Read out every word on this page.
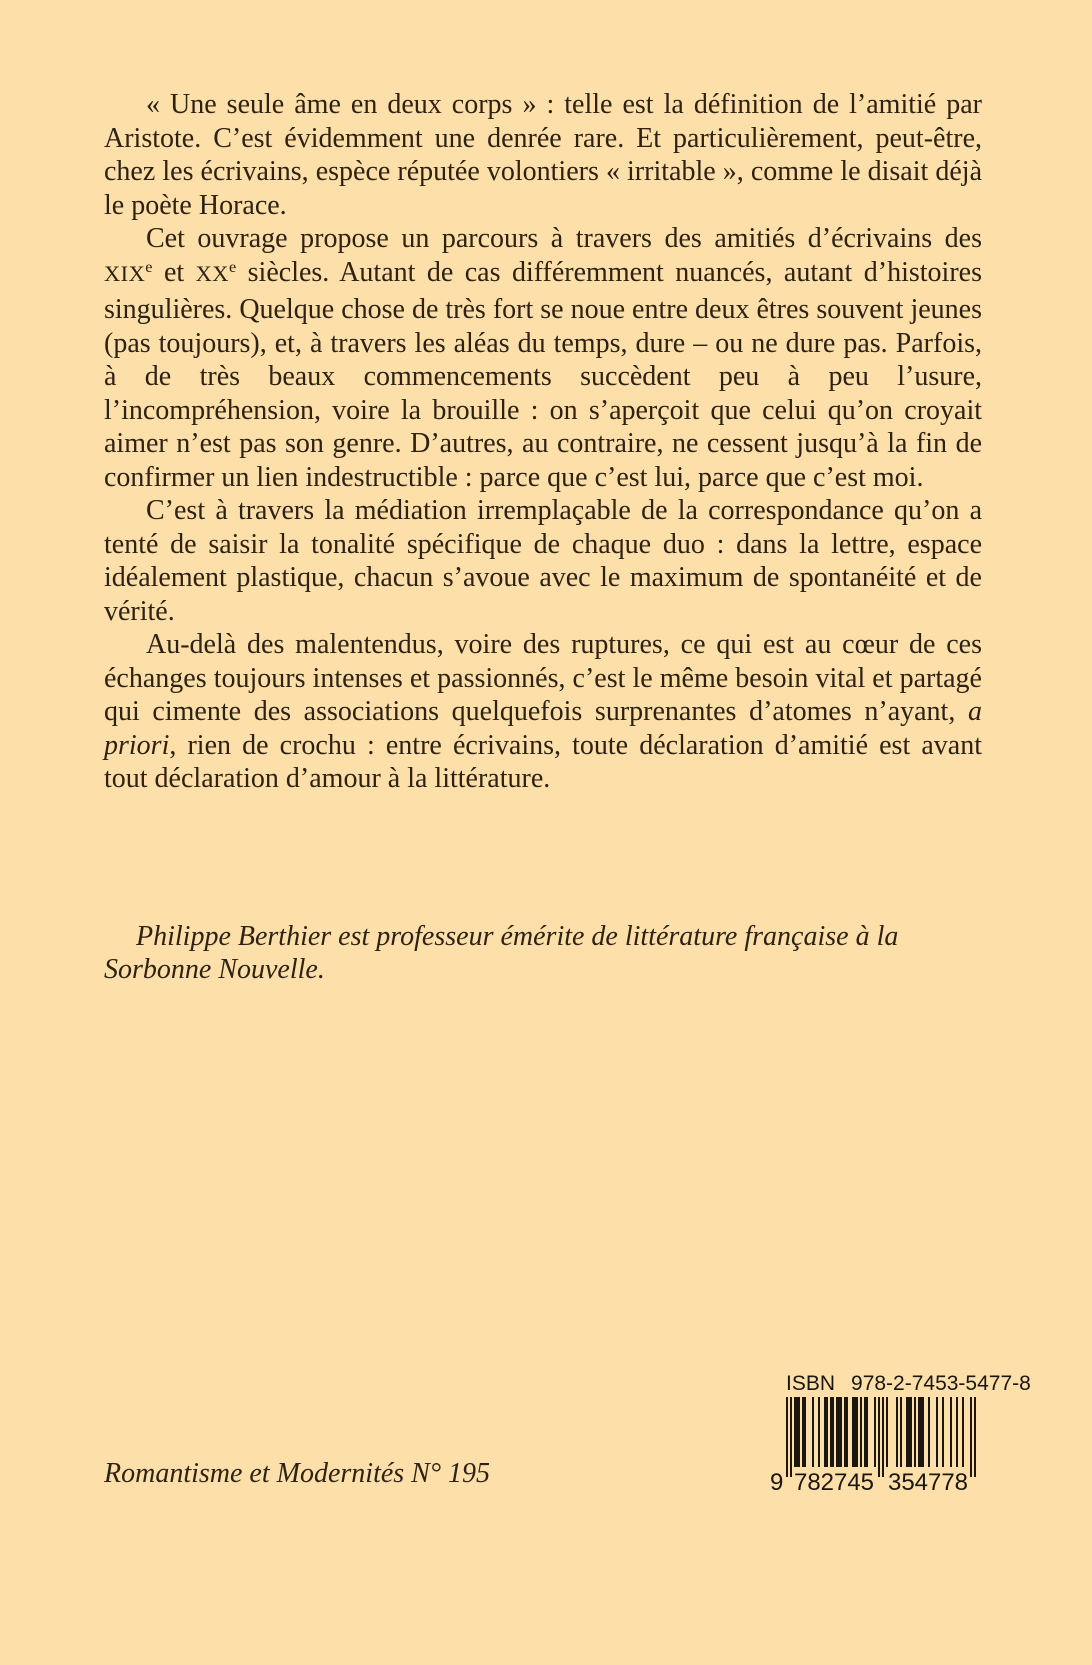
« Une seule âme en deux corps » : telle est la définition de l’amitié par Aristote. C’est évidemment une denrée rare. Et particulièrement, peut-être, chez les écrivains, espèce réputée volontiers « irritable », comme le disait déjà le poète Horace.

Cet ouvrage propose un parcours à travers des amitiés d’écrivains des XIXe et XXe siècles. Autant de cas différemment nuancés, autant d’histoires singulières. Quelque chose de très fort se noue entre deux êtres souvent jeunes (pas toujours), et, à travers les aléas du temps, dure – ou ne dure pas. Parfois, à de très beaux commencements succèdent peu à peu l’usure, l’incompréhension, voire la brouille : on s’aperçoit que celui qu’on croyait aimer n’est pas son genre. D’autres, au contraire, ne cessent jusqu’à la fin de confirmer un lien indestructible : parce que c’est lui, parce que c’est moi.

C’est à travers la médiation irremplaçable de la correspondance qu’on a tenté de saisir la tonalité spécifique de chaque duo : dans la lettre, espace idéalement plastique, chacun s’avoue avec le maximum de spontanéité et de vérité.

Au-delà des malentendus, voire des ruptures, ce qui est au cœur de ces échanges toujours intenses et passionnés, c’est le même besoin vital et partagé qui cimente des associations quelquefois surprenantes d’atomes n’ayant, a priori, rien de crochu : entre écrivains, toute déclaration d’amitié est avant tout déclaration d’amour à la littérature.

Philippe Berthier est professeur émérite de littérature française à la Sorbonne Nouvelle.

Romantisme et Modernités N° 195
ISBN 978-2-7453-5477-8
9 782745 354778
